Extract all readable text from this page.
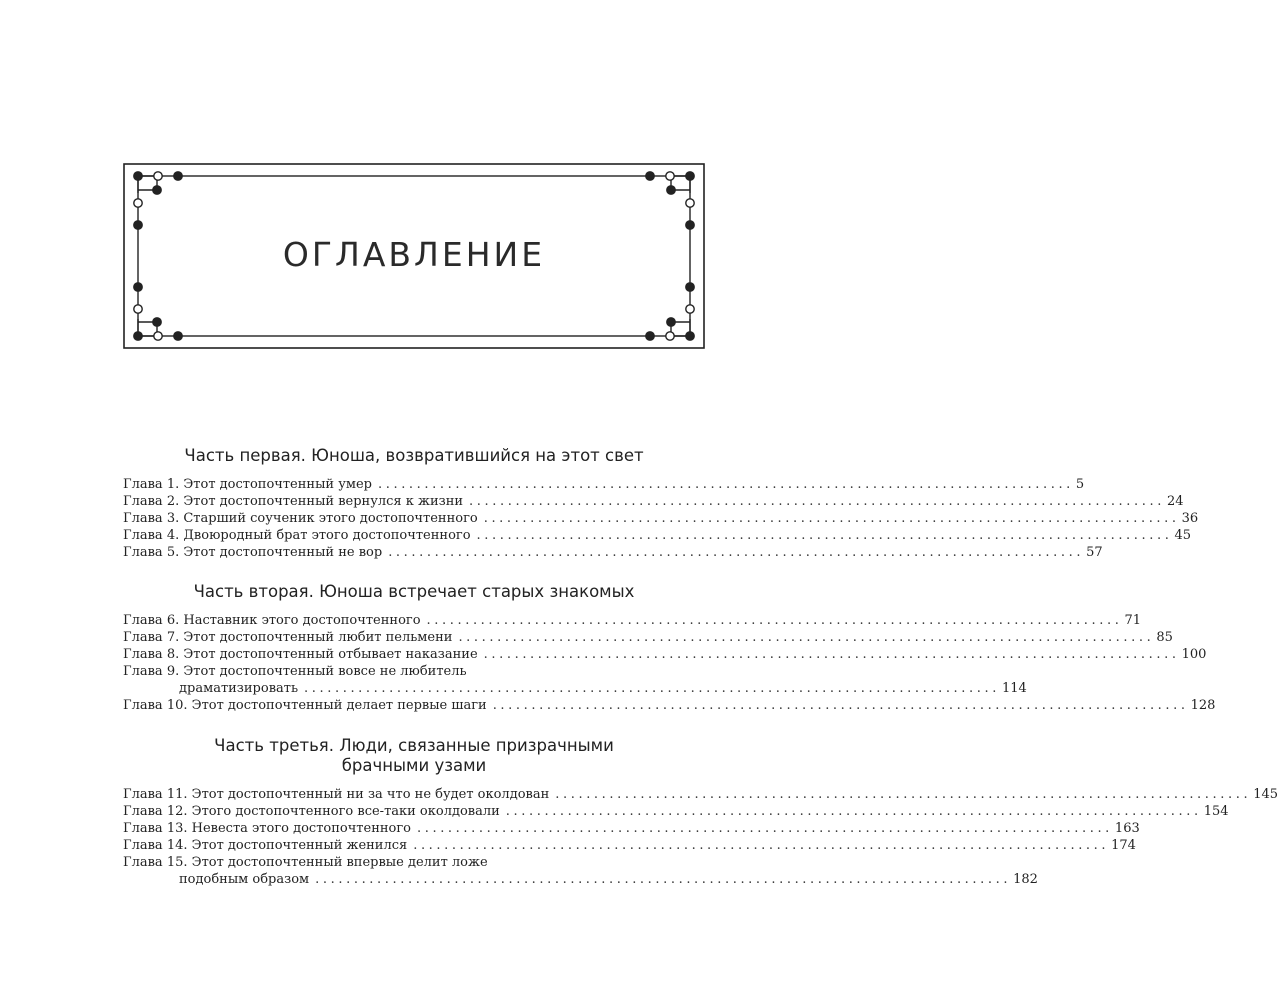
ОГЛАВЛЕНИЕ
Часть первая. Юноша, возвратившийся на этот свет
Глава 1. Этот достопочтенный умер .......................................................................................... 5
Глава 2. Этот достопочтенный вернулся к жизни .......................................................................................... 24
Глава 3. Старший соученик этого достопочтенного .......................................................................................... 36
Глава 4. Двоюродный брат этого достопочтенного .......................................................................................... 45
Глава 5. Этот достопочтенный не вор .......................................................................................... 57
Часть вторая. Юноша встречает старых знакомых
Глава 6. Наставник этого достопочтенного .......................................................................................... 71
Глава 7. Этот достопочтенный любит пельмени .......................................................................................... 85
Глава 8. Этот достопочтенный отбывает наказание .......................................................................................... 100
Глава 9. Этот достопочтенный вовсе не любитель
драматизировать .......................................................................................... 114
Глава 10. Этот достопочтенный делает первые шаги .......................................................................................... 128
Часть третья. Люди, связанные призрачными
брачными узами
Глава 11. Этот достопочтенный ни за что не будет околдован .......................................................................................... 145
Глава 12. Этого достопочтенного все-таки околдовали .......................................................................................... 154
Глава 13. Невеста этого достопочтенного .......................................................................................... 163
Глава 14. Этот достопочтенный женился .......................................................................................... 174
Глава 15. Этот достопочтенный впервые делит ложе
подобным образом .......................................................................................... 182
